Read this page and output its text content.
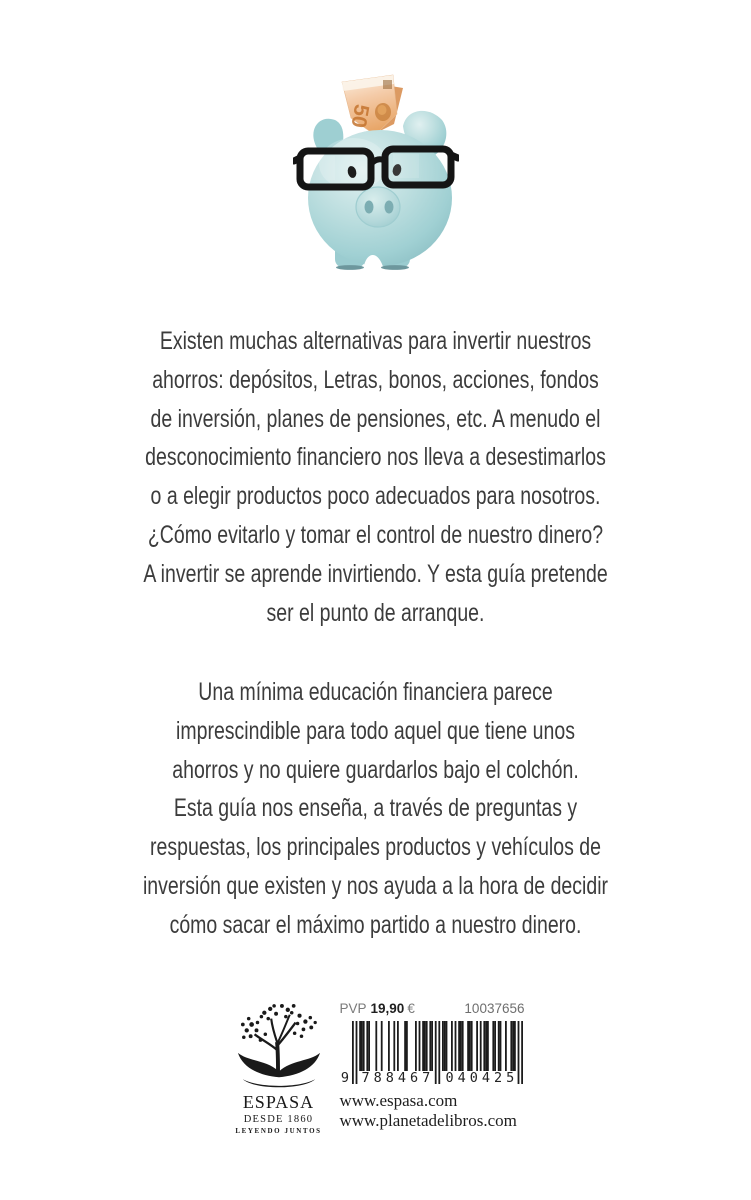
50
Existen muchas alternativas para invertir nuestros
ahorros: depósitos, Letras, bonos, acciones, fondos
de inversión, planes de pensiones, etc. A menudo el
desconocimiento financiero nos lleva a desestimarlos
o a elegir productos poco adecuados para nosotros.
¿Cómo evitarlo y tomar el control de nuestro dinero?
A invertir se aprende invirtiendo. Y esta guía pretende
ser el punto de arranque.
Una mínima educación financiera parece
imprescindible para todo aquel que tiene unos
ahorros y no quiere guardarlos bajo el colchón.
Esta guía nos enseña, a través de preguntas y
respuestas, los principales productos y vehículos de
inversión que existen y nos ayuda a la hora de decidir
cómo sacar el máximo partido a nuestro dinero.
ESPASA
DESDE 1860
LEYENDO JUNTOS
PVP 19,90 €	10037656
9 788467 040425
www.espasa.com
www.planetadelibros.com
